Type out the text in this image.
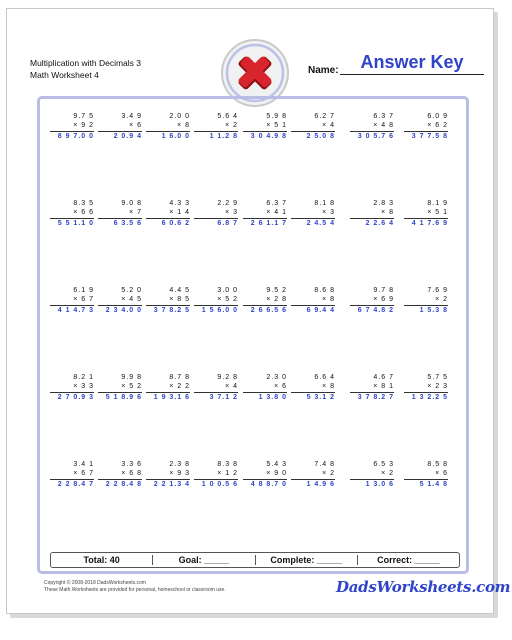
Multiplication with Decimals 3
Math Worksheet 4	Name:	Answer Key
9.7 5
× 9 2
8 9 7.0 0
3.4 9
× 6
2 0.9 4
2.0 0
× 8
1 6.0 0
5.6 4
× 2
1 1.2 8
5.9 8
× 5 1
3 0 4.9 8
6.2 7
× 4
2 5.0 8
6.3 7
× 4 8
3 0 5.7 6
6.0 9
× 6 2
3 7 7.5 8
8.3 5
× 6 6
5 5 1.1 0
9.0 8
× 7
6 3.5 6
4.3 3
× 1 4
6 0.6 2
2.2 9
× 3
6.8 7
6.3 7
× 4 1
2 6 1.1 7
8.1 8
× 3
2 4.5 4
2.8 3
× 8
2 2.6 4
8.1 9
× 5 1
4 1 7.6 9
6.1 9
× 6 7
4 1 4.7 3
5.2 0
× 4 5
2 3 4.0 0
4.4 5
× 8 5
3 7 8.2 5
3.0 0
× 5 2
1 5 6.0 0
9.5 2
× 2 8
2 6 6.5 6
8.6 8
× 8
6 9.4 4
9.7 8
× 6 9
6 7 4.8 2
7.6 9
× 2
1 5.3 8
8.2 1
× 3 3
2 7 0.9 3
9.9 8
× 5 2
5 1 8.9 6
8.7 8
× 2 2
1 9 3.1 6
9.2 8
× 4
3 7.1 2
2.3 0
× 6
1 3.8 0
6.6 4
× 8
5 3.1 2
4.6 7
× 8 1
3 7 8.2 7
5.7 5
× 2 3
1 3 2.2 5
3.4 1
× 6 7
2 2 8.4 7
3.3 6
× 6 8
2 2 8.4 8
2.3 8
× 9 3
2 2 1.3 4
8.3 8
× 1 2
1 0 0.5 6
5.4 3
× 9 0
4 8 8.7 0
7.4 8
× 2
1 4.9 6
6.5 3
× 2
1 3.0 6
8.5 8
× 6
5 1.4 8
Total: 40	Goal: _____	Complete: _____	Correct: _____
Copyright © 2008-2018 DadsWorksheets.com
These Math Worksheets are provided for personal, homeschool or classroom use.	DadsWorksheets.com
